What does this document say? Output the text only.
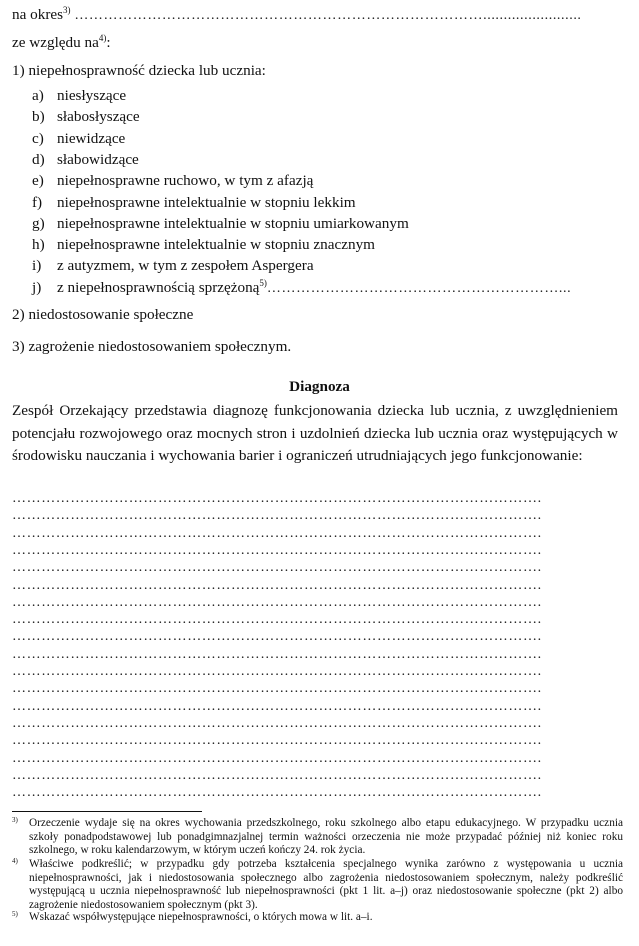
na okres$^{3)}$ …………………………………………………………………………........................
ze względu $na^{4)}$:
1) niepełnosprawność dziecka lub ucznia:
a) niesłyszące
b) słabosłyszące
c) niewidzące
d) słabowidzące
e) niepełnosprawne ruchowo, w tym z afazją
f) niepełnosprawne intelektualnie w stopniu lekkim
g) niepełnosprawne intelektualnie w stopniu umiarkowanym
h) niepełnosprawne intelektualnie w stopniu znacznym
i) z autyzmem, w tym z zespołem Aspergera
j) z niepełnosprawnością sprzężoną$^{5)}$……………………………………………………...
2) niedostosowanie społeczne
3) zagrożenie niedostosowaniem społecznym.
Diagnoza
Zespół Orzekający przedstawia diagnozę funkcjonowania dziecka lub ucznia, z uwzględnieniem potencjału rozwojowego oraz mocnych stron i uzdolnień dziecka lub ucznia oraz występujących w środowisku nauczania i wychowania barier i ograniczeń utrudniających jego funkcjonowanie:
……………………………………………………………………………………………….
……………………………………………………………………………………………….
……………………………………………………………………………………………….
……………………………………………………………………………………………….
……………………………………………………………………………………………….
……………………………………………………………………………………………….
……………………………………………………………………………………………….
……………………………………………………………………………………………….
……………………………………………………………………………………………….
……………………………………………………………………………………………….
……………………………………………………………………………………………….
……………………………………………………………………………………………….
……………………………………………………………………………………………….
……………………………………………………………………………………………….
……………………………………………………………………………………………….
……………………………………………………………………………………………….
……………………………………………………………………………………………….
……………………………………………………………………………………………….
3) Orzeczenie wydaje się na okres wychowania przedszkolnego, roku szkolnego albo etapu edukacyjnego. W przypadku ucznia szkoły ponadpodstawowej lub ponadgimnazjalnej termin ważności orzeczenia nie może przypadać później niż koniec roku szkolnego, w roku kalendarzowym, w którym uczeń kończy 24. rok życia.
4) Właściwe podkreślić; w przypadku gdy potrzeba kształcenia specjalnego wynika zarówno z występowania u ucznia niepełnosprawności, jak i niedostosowania społecznego albo zagrożenia niedostosowaniem społecznym, należy podkreślić występującą u ucznia niepełnosprawność lub niepełnosprawności (pkt 1 lit. a–j) oraz niedostosowanie społeczne (pkt 2) albo zagrożenie niedostosowaniem społecznym (pkt 3).
5) Wskazać współwystępujące niepełnosprawności, o których mowa w lit. a–i.
